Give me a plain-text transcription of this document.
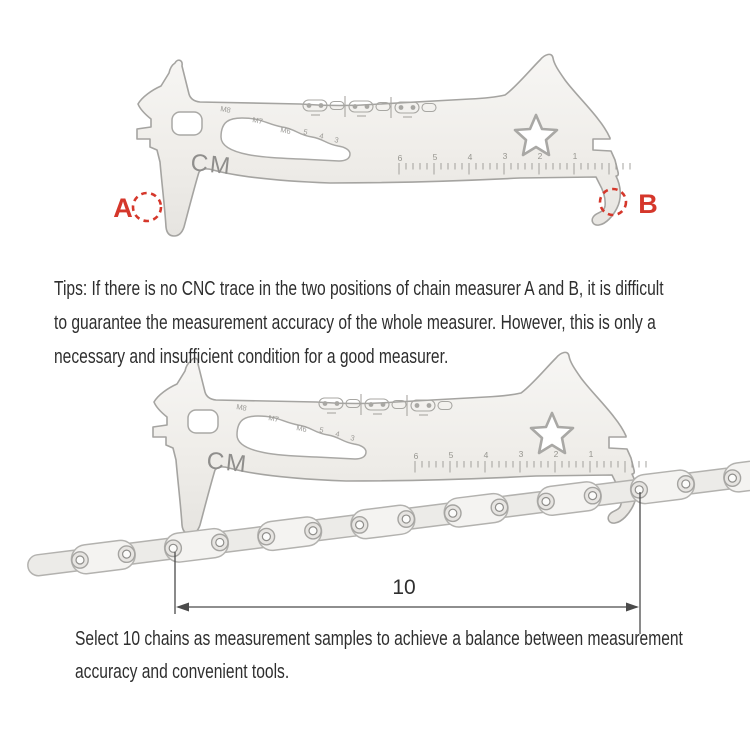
A	B
10
Tips: If there is no CNC trace in the two positions of chain measurer A and B, it is difficult
to guarantee the measurement accuracy of the whole measurer. However, this is only a
necessary and insufficient condition for a good measurer.
Select 10 chains as measurement samples to achieve a balance between measurement
accuracy and convenient tools.
